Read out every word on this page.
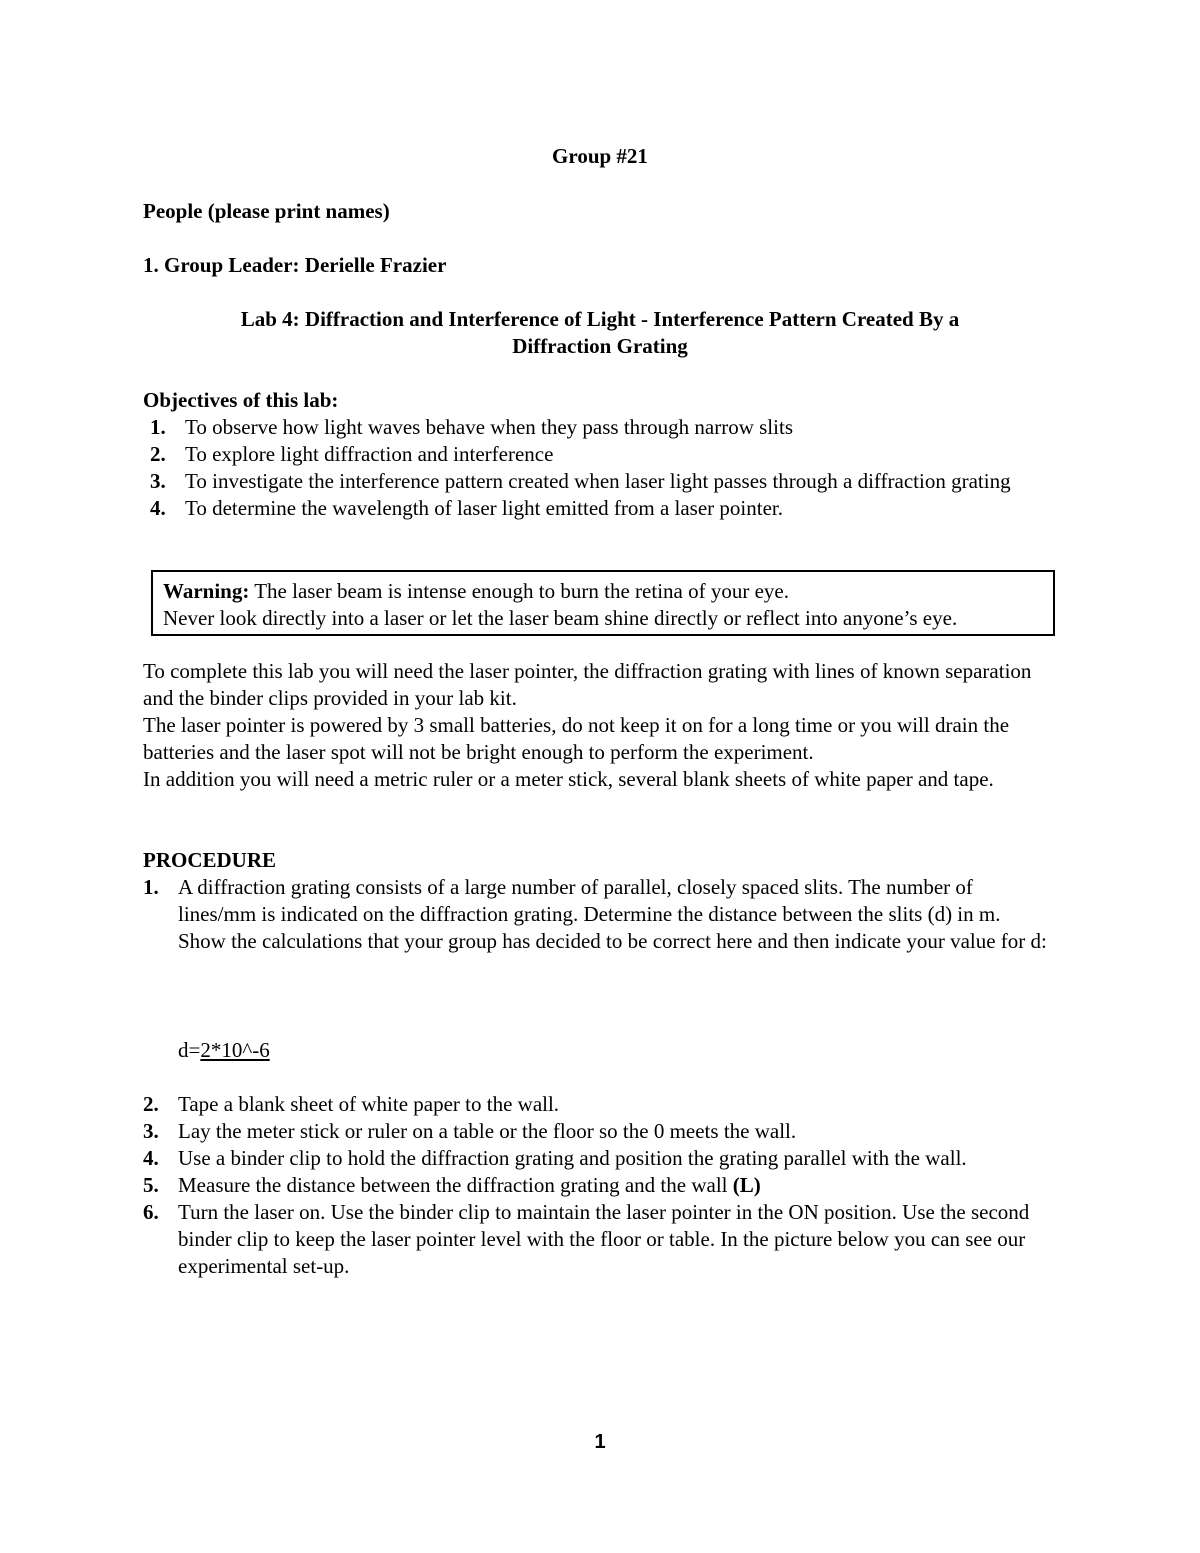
Group #21
People (please print names)
1. Group Leader: Derielle Frazier
Lab 4: Diffraction and Interference of Light - Interference Pattern Created By a
Diffraction Grating
Objectives of this lab:
1. To observe how light waves behave when they pass through narrow slits
2. To explore light diffraction and interference
3. To investigate the interference pattern created when laser light passes through a diffraction grating
4. To determine the wavelength of laser light emitted from a laser pointer.
Warning: The laser beam is intense enough to burn the retina of your eye.
Never look directly into a laser or let the laser beam shine directly or reflect into anyone’s eye.

To complete this lab you will need the laser pointer, the diffraction grating with lines of known separation and the binder clips provided in your lab kit.

The laser pointer is powered by 3 small batteries, do not keep it on for a long time or you will drain the batteries and the laser spot will not be bright enough to perform the experiment.

In addition you will need a metric ruler or a meter stick, several blank sheets of white paper and tape.

PROCEDURE
1. A diffraction grating consists of a large number of parallel, closely spaced slits. The number of lines/mm is indicated on the diffraction grating. Determine the distance between the slits (d) in m. Show the calculations that your group has decided to be correct here and then indicate your value for d:
d=2*10^-6
2. Tape a blank sheet of white paper to the wall.
3. Lay the meter stick or ruler on a table or the floor so the 0 meets the wall.
4. Use a binder clip to hold the diffraction grating and position the grating parallel with the wall.
5. Measure the distance between the diffraction grating and the wall (L)
6. Turn the laser on. Use the binder clip to maintain the laser pointer in the ON position. Use the second binder clip to keep the laser pointer level with the floor or table. In the picture below you can see our experimental set-up.
1
